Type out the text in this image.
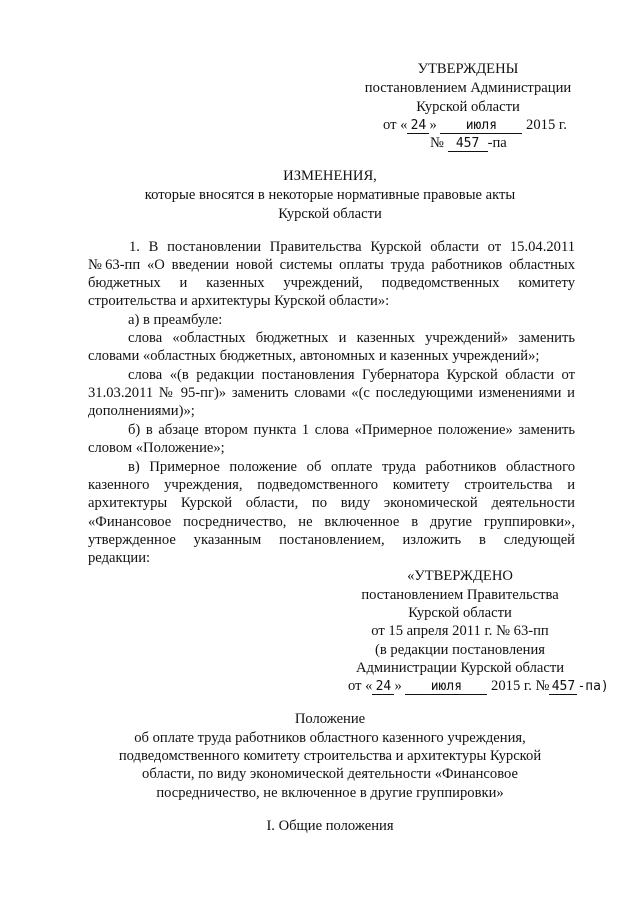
УТВЕРЖДЕНЫ
постановлением Администрации
Курской области
от « 24 » июля 2015 г.
№ 457 -па
ИЗМЕНЕНИЯ,
которые вносятся в некоторые нормативные правовые акты
Курской области
1. В постановлении Правительства Курской области от 15.04.2011
№63-пп «О введении новой системы оплаты труда работников областных
бюджетных и казенных учреждений, подведомственных комитету
строительства и архитектуры Курской области»:
а) в преамбуле:
слова «областных бюджетных и казенных учреждений» заменить
словами «областных бюджетных, автономных и казенных учреждений»;
слова «(в редакции постановления Губернатора Курской области от
31.03.2011 № 95-пг)» заменить словами «(с последующими изменениями и
дополнениями)»;
б) в абзаце втором пункта 1 слова «Примерное положение» заменить
словом «Положение»;
в) Примерное положение об оплате труда работников областного
казенного учреждения, подведомственного комитету строительства и
архитектуры Курской области, по виду экономической деятельности
«Финансовое посредничество, не включенное в другие группировки»,
утвержденное указанным постановлением, изложить в следующей
редакции:
«УТВЕРЖДЕНО
постановлением Правительства
Курской области
от 15 апреля 2011 г. № 63-пп
(в редакции постановления
Администрации Курской области
от « 24 » июля 2015 г. № 457 -па)
Положение
об оплате труда работников областного казенного учреждения,
подведомственного комитету строительства и архитектуры Курской
области, по виду экономической деятельности «Финансовое
посредничество, не включенное в другие группировки»
I. Общие положения
